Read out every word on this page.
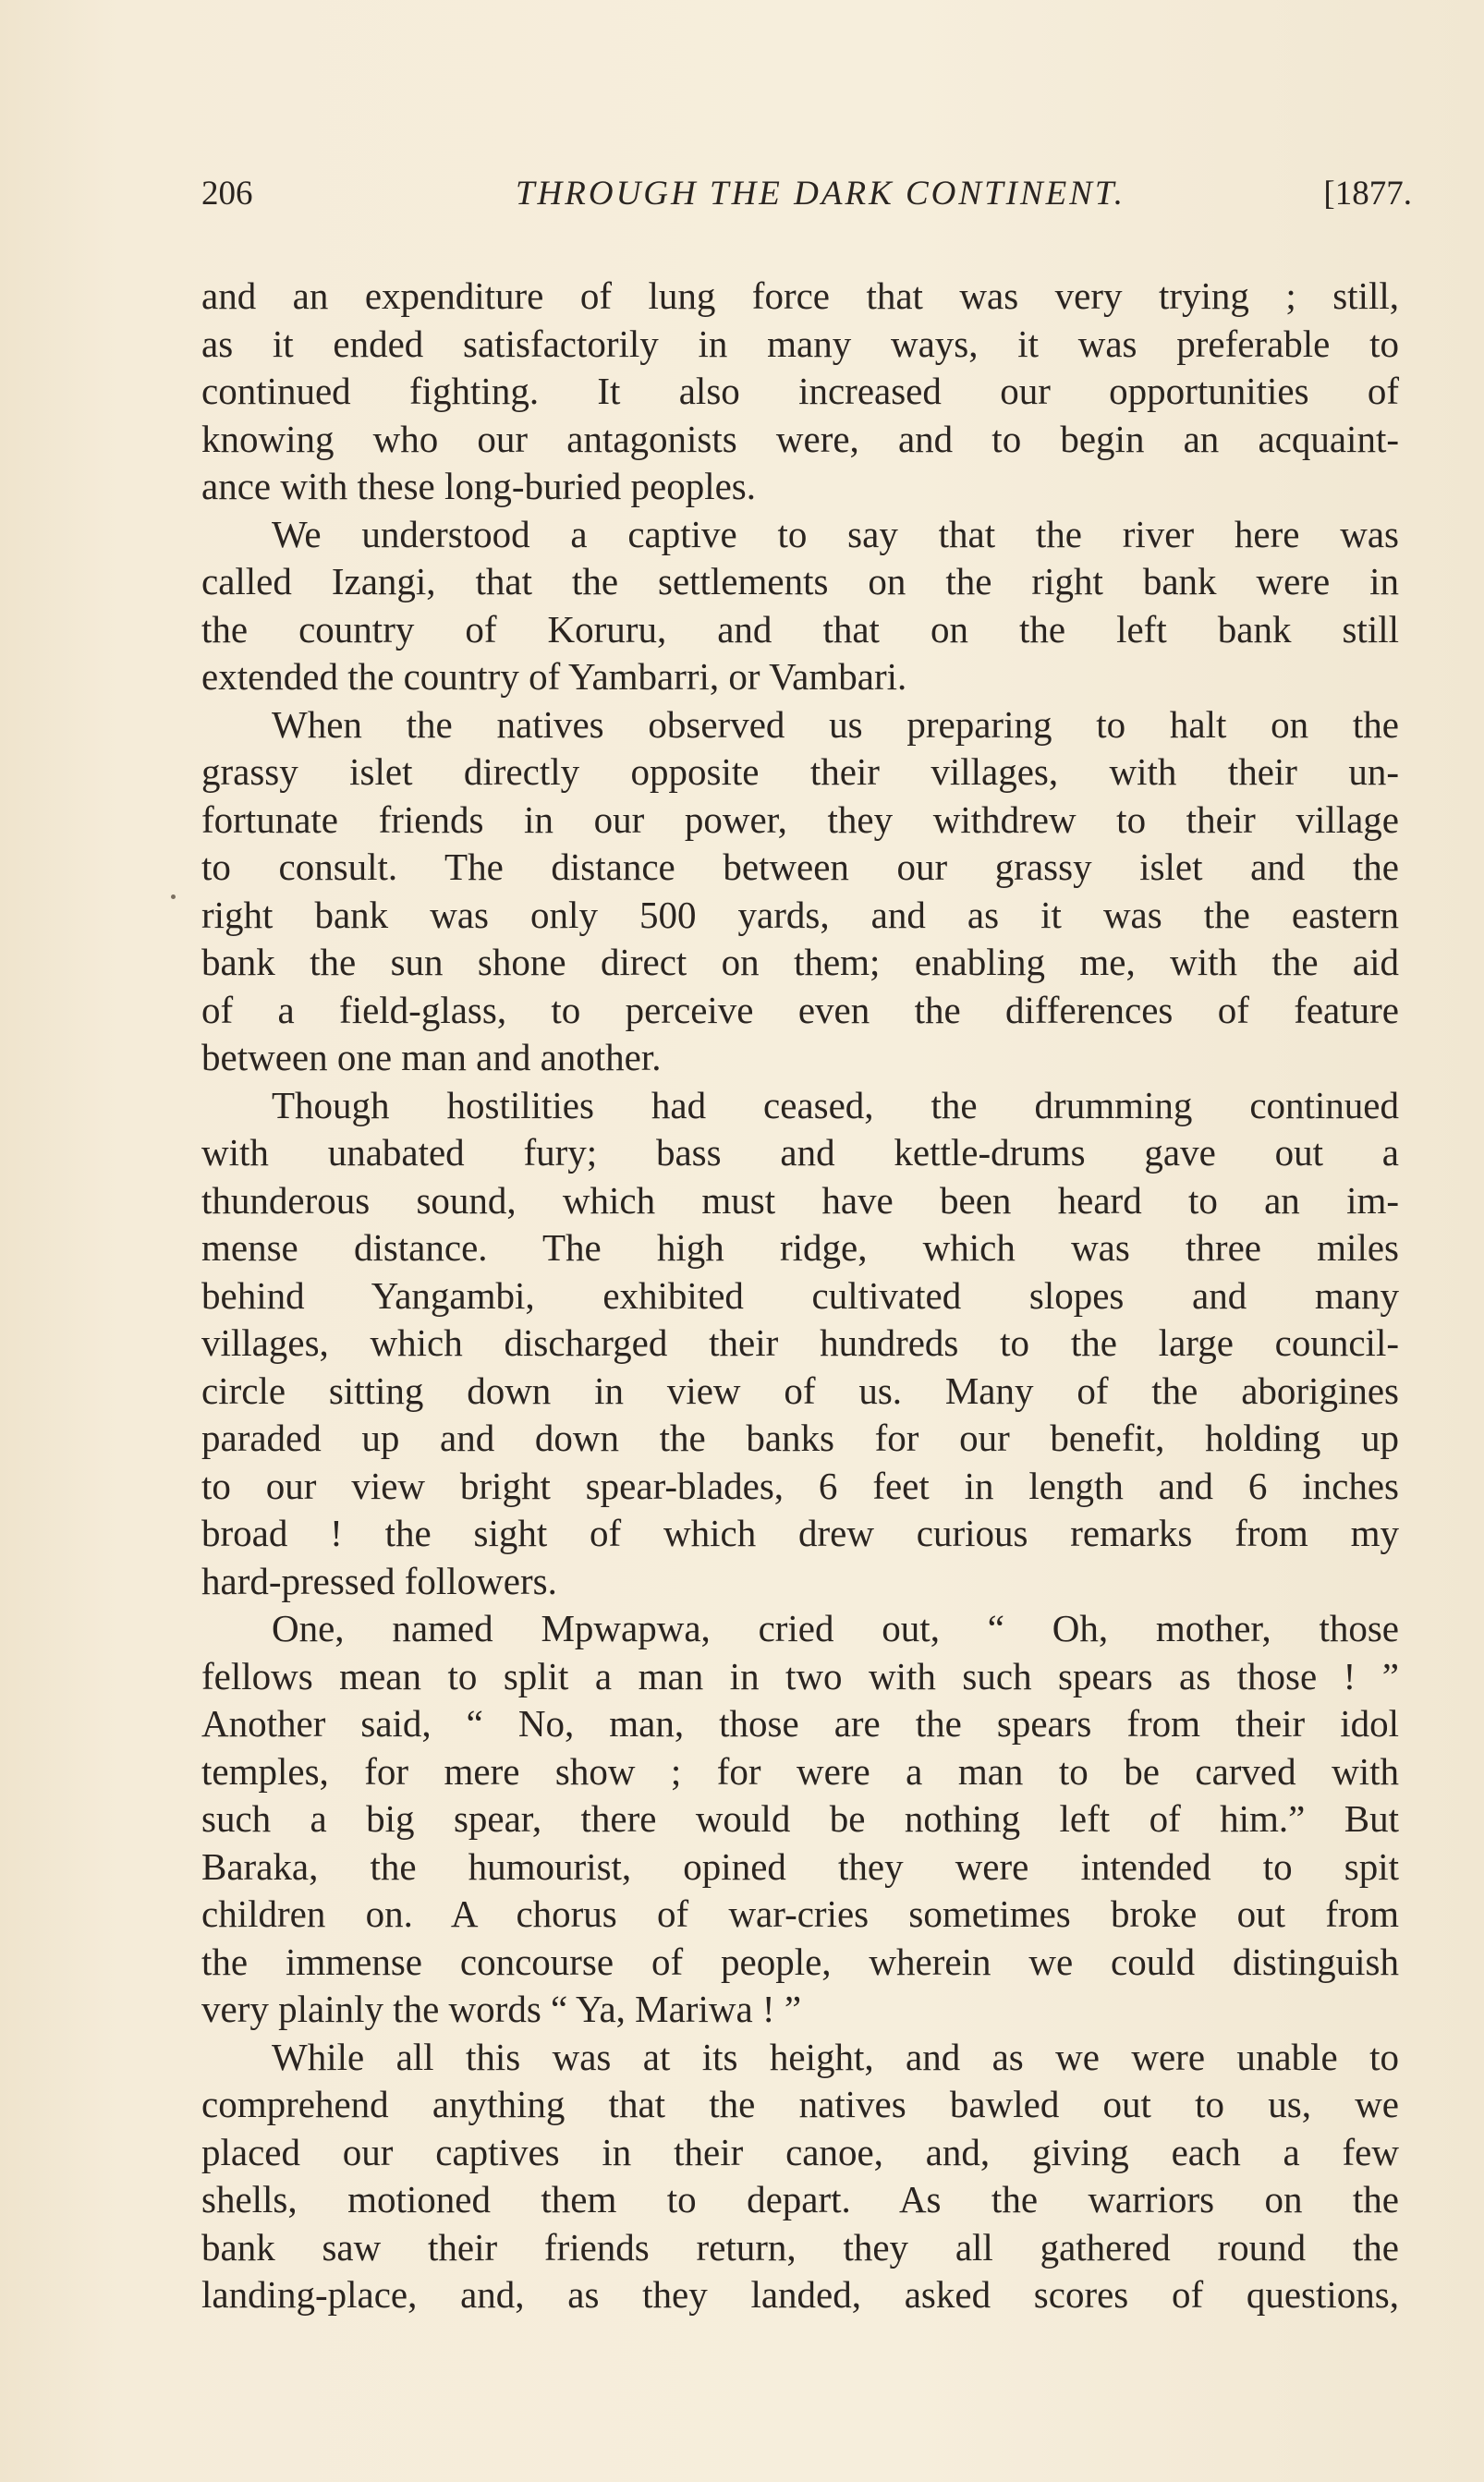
206	THROUGH THE DARK CONTINENT.	[1877.
and an expenditure of lung force that was very trying ; still,
as it ended satisfactorily in many ways, it was preferable to
continued fighting. It also increased our opportunities of
knowing who our antagonists were, and to begin an acquaint-
ance with these long-buried peoples.
We understood a captive to say that the river here was
called Izangi, that the settlements on the right bank were in
the country of Koruru, and that on the left bank still
extended the country of Yambarri, or Vambari.
When the natives observed us preparing to halt on the
grassy islet directly opposite their villages, with their un-
fortunate friends in our power, they withdrew to their village
to consult. The distance between our grassy islet and the
right bank was only 500 yards, and as it was the eastern
bank the sun shone direct on them; enabling me, with the aid
of a field-glass, to perceive even the differences of feature
between one man and another.
Though hostilities had ceased, the drumming continued
with unabated fury; bass and kettle-drums gave out a
thunderous sound, which must have been heard to an im-
mense distance. The high ridge, which was three miles
behind Yangambi, exhibited cultivated slopes and many
villages, which discharged their hundreds to the large council-
circle sitting down in view of us. Many of the aborigines
paraded up and down the banks for our benefit, holding up
to our view bright spear-blades, 6 feet in length and 6 inches
broad ! the sight of which drew curious remarks from my
hard-pressed followers.
One, named Mpwapwa, cried out, “ Oh, mother, those
fellows mean to split a man in two with such spears as those ! ”
Another said, “ No, man, those are the spears from their idol
temples, for mere show ; for were a man to be carved with
such a big spear, there would be nothing left of him.” But
Baraka, the humourist, opined they were intended to spit
children on. A chorus of war-cries sometimes broke out from
the immense concourse of people, wherein we could distinguish
very plainly the words “ Ya, Mariwa ! ”
While all this was at its height, and as we were unable to
comprehend anything that the natives bawled out to us, we
placed our captives in their canoe, and, giving each a few
shells, motioned them to depart. As the warriors on the
bank saw their friends return, they all gathered round the
landing-place, and, as they landed, asked scores of questions,
